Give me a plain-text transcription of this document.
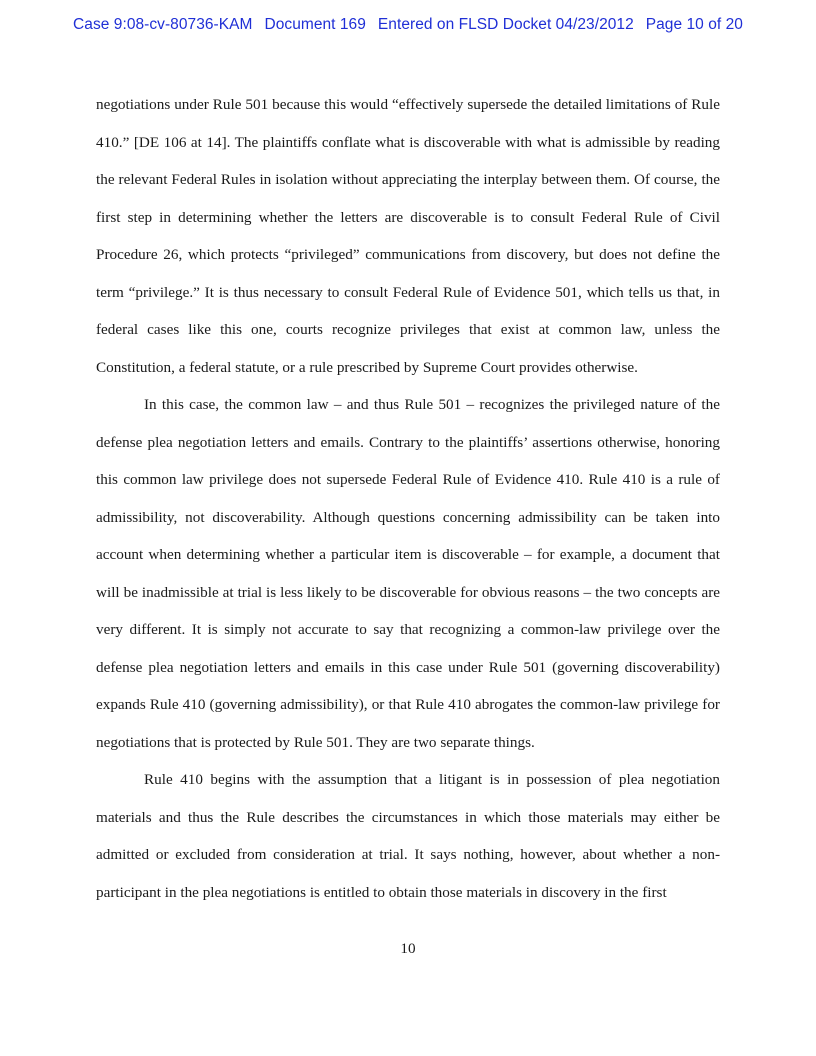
Case 9:08-cv-80736-KAM Document 169 Entered on FLSD Docket 04/23/2012 Page 10 of 20

negotiations under Rule 501 because this would “effectively supersede the detailed limitations of Rule 410.” [DE 106 at 14]. The plaintiffs conflate what is discoverable with what is admissible by reading the relevant Federal Rules in isolation without appreciating the interplay between them. Of course, the first step in determining whether the letters are discoverable is to consult Federal Rule of Civil Procedure 26, which protects “privileged” communications from discovery, but does not define the term “privilege.” It is thus necessary to consult Federal Rule of Evidence 501, which tells us that, in federal cases like this one, courts recognize privileges that exist at common law, unless the Constitution, a federal statute, or a rule prescribed by Supreme Court provides otherwise.

In this case, the common law – and thus Rule 501 – recognizes the privileged nature of the defense plea negotiation letters and emails. Contrary to the plaintiffs’ assertions otherwise, honoring this common law privilege does not supersede Federal Rule of Evidence 410. Rule 410 is a rule of admissibility, not discoverability. Although questions concerning admissibility can be taken into account when determining whether a particular item is discoverable – for example, a document that will be inadmissible at trial is less likely to be discoverable for obvious reasons – the two concepts are very different. It is simply not accurate to say that recognizing a common-law privilege over the defense plea negotiation letters and emails in this case under Rule 501 (governing discoverability) expands Rule 410 (governing admissibility), or that Rule 410 abrogates the common-law privilege for negotiations that is protected by Rule 501. They are two separate things.

Rule 410 begins with the assumption that a litigant is in possession of plea negotiation materials and thus the Rule describes the circumstances in which those materials may either be admitted or excluded from consideration at trial. It says nothing, however, about whether a non-participant in the plea negotiations is entitled to obtain those materials in discovery in the first

10
